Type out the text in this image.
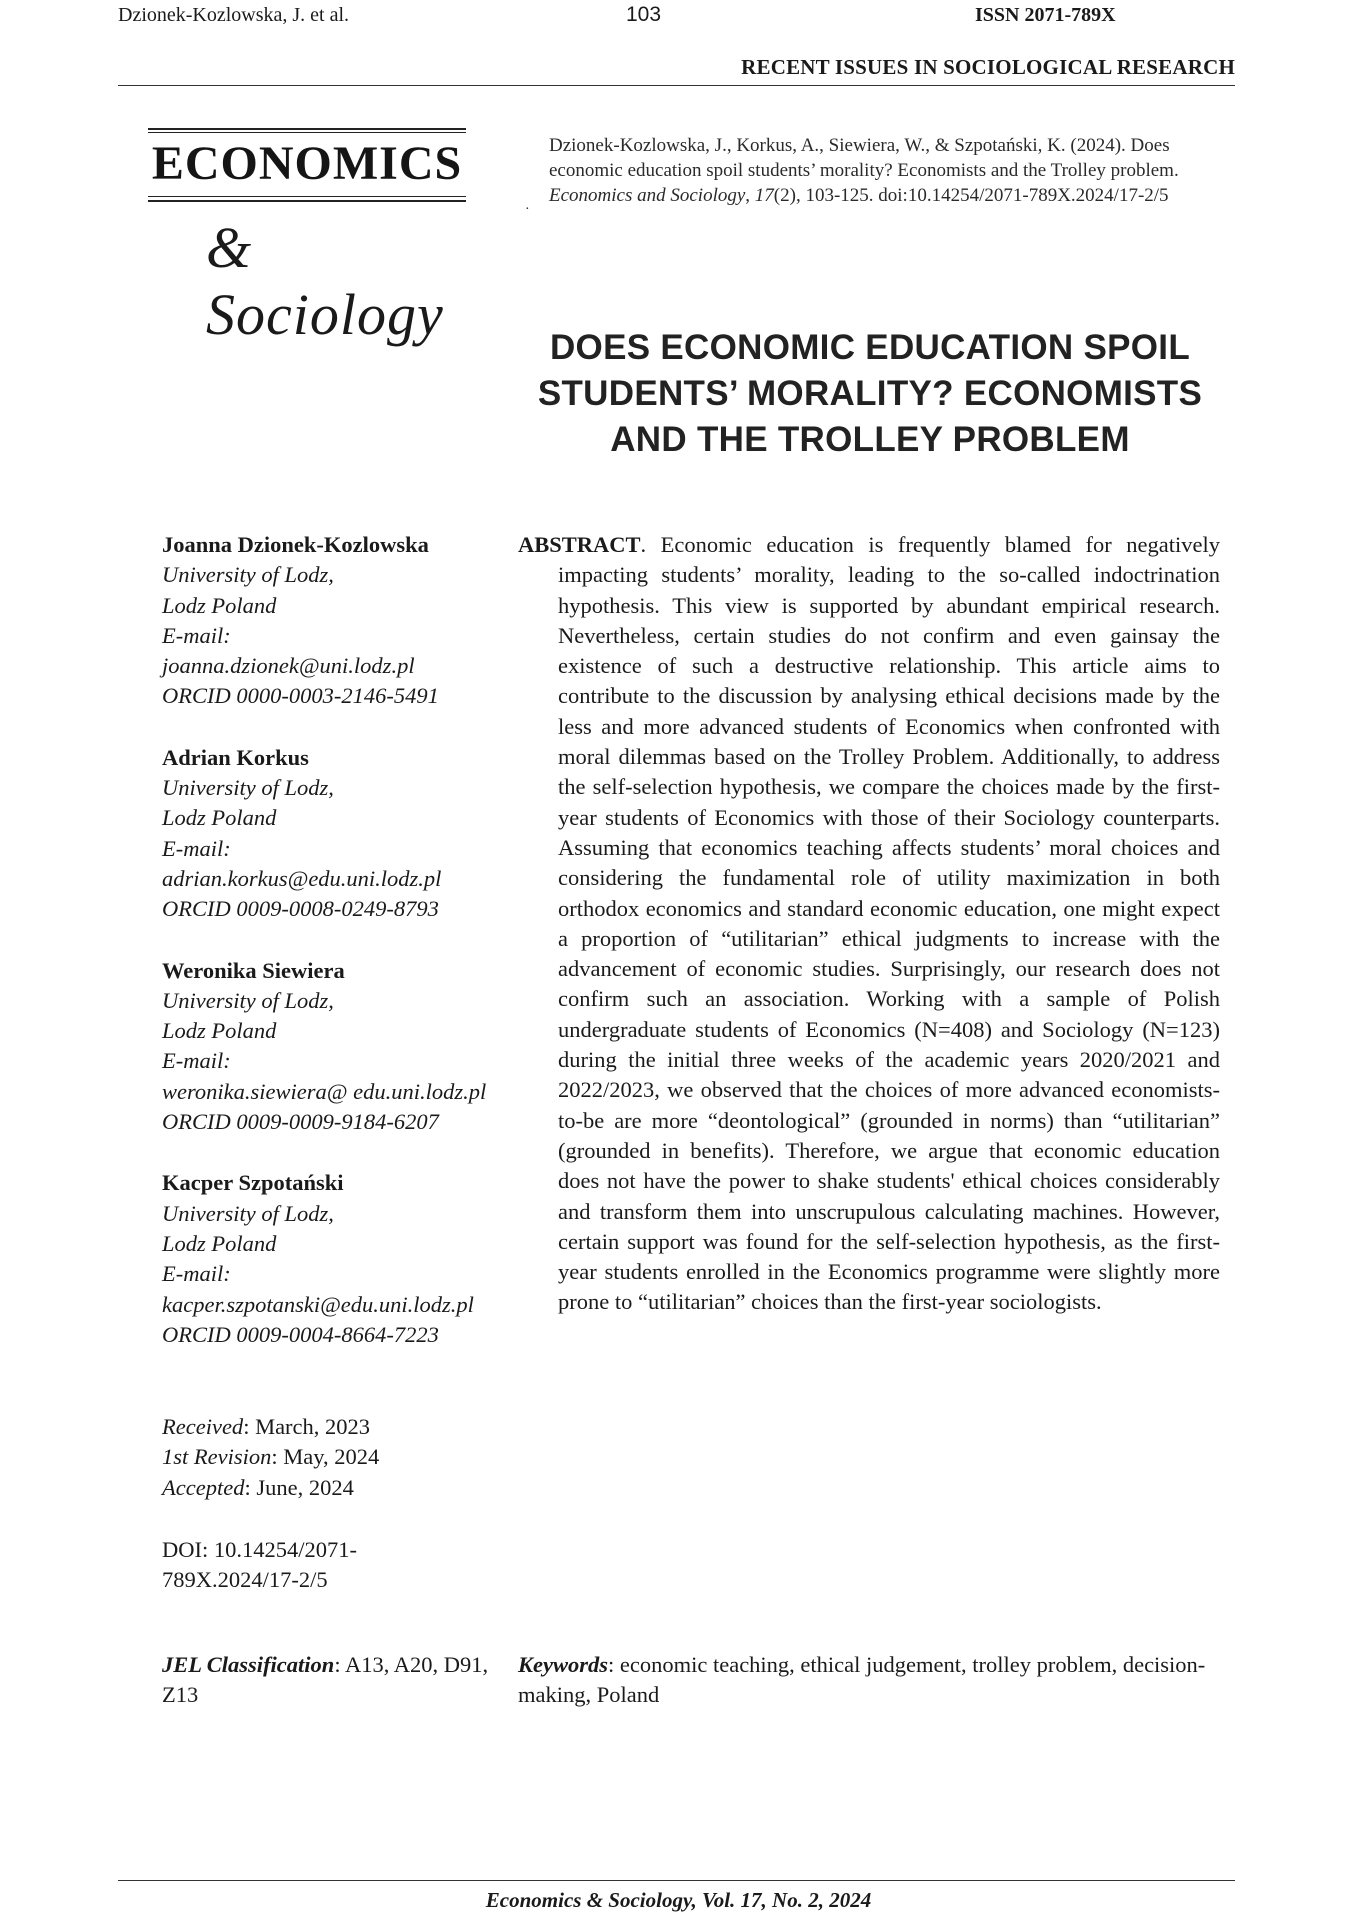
Dzionek-Kozlowska, J. et al.	103	ISSN 2071-789X
RECENT ISSUES IN SOCIOLOGICAL RESEARCH
ECONOMICS
& Sociology
·
Dzionek-Kozlowska, J., Korkus, A., Siewiera, W., & Szpotański, K. (2024). Does economic education spoil students’ morality? Economists and the Trolley problem. Economics and Sociology, 17(2), 103-125. doi:10.14254/2071-789X.2024/17-2/5
DOES ECONOMIC EDUCATION SPOIL STUDENTS’ MORALITY? ECONOMISTS AND THE TROLLEY PROBLEM
Joanna Dzionek-Kozlowska
University of Lodz,
Lodz Poland
E-mail:
joanna.dzionek@uni.lodz.pl
ORCID 0000-0003-2146-5491
Adrian Korkus
University of Lodz,
Lodz Poland
E-mail:
adrian.korkus@edu.uni.lodz.pl
ORCID 0009-0008-0249-8793
Weronika Siewiera
University of Lodz,
Lodz Poland
E-mail:
weronika.siewiera@ edu.uni.lodz.pl
ORCID 0009-0009-9184-6207
Kacper Szpotański
University of Lodz,
Lodz Poland
E-mail:
kacper.szpotanski@edu.uni.lodz.pl
ORCID 0009-0004-8664-7223
Received: March, 2023
1st Revision: May, 2024
Accepted: June, 2024
DOI: 10.14254/2071-
789X.2024/17-2/5
ABSTRACT. Economic education is frequently blamed for negatively impacting students’ morality, leading to the so-called indoctrination hypothesis. This view is supported by abundant empirical research. Nevertheless, certain studies do not confirm and even gainsay the existence of such a destructive relationship. This article aims to contribute to the discussion by analysing ethical decisions made by the less and more advanced students of Economics when confronted with moral dilemmas based on the Trolley Problem. Additionally, to address the self-selection hypothesis, we compare the choices made by the first-year students of Economics with those of their Sociology counterparts. Assuming that economics teaching affects students’ moral choices and considering the fundamental role of utility maximization in both orthodox economics and standard economic education, one might expect a proportion of “utilitarian” ethical judgments to increase with the advancement of economic studies. Surprisingly, our research does not confirm such an association. Working with a sample of Polish undergraduate students of Economics (N=408) and Sociology (N=123) during the initial three weeks of the academic years 2020/2021 and 2022/2023, we observed that the choices of more advanced economists-to-be are more “deontological” (grounded in norms) than “utilitarian” (grounded in benefits). Therefore, we argue that economic education does not have the power to shake students' ethical choices considerably and transform them into unscrupulous calculating machines. However, certain support was found for the self-selection hypothesis, as the first-year students enrolled in the Economics programme were slightly more prone to “utilitarian” choices than the first-year sociologists.
JEL Classification: A13, A20, D91, Z13
Keywords: economic teaching, ethical judgement, trolley problem, decision-making, Poland
Economics & Sociology, Vol. 17, No. 2, 2024
